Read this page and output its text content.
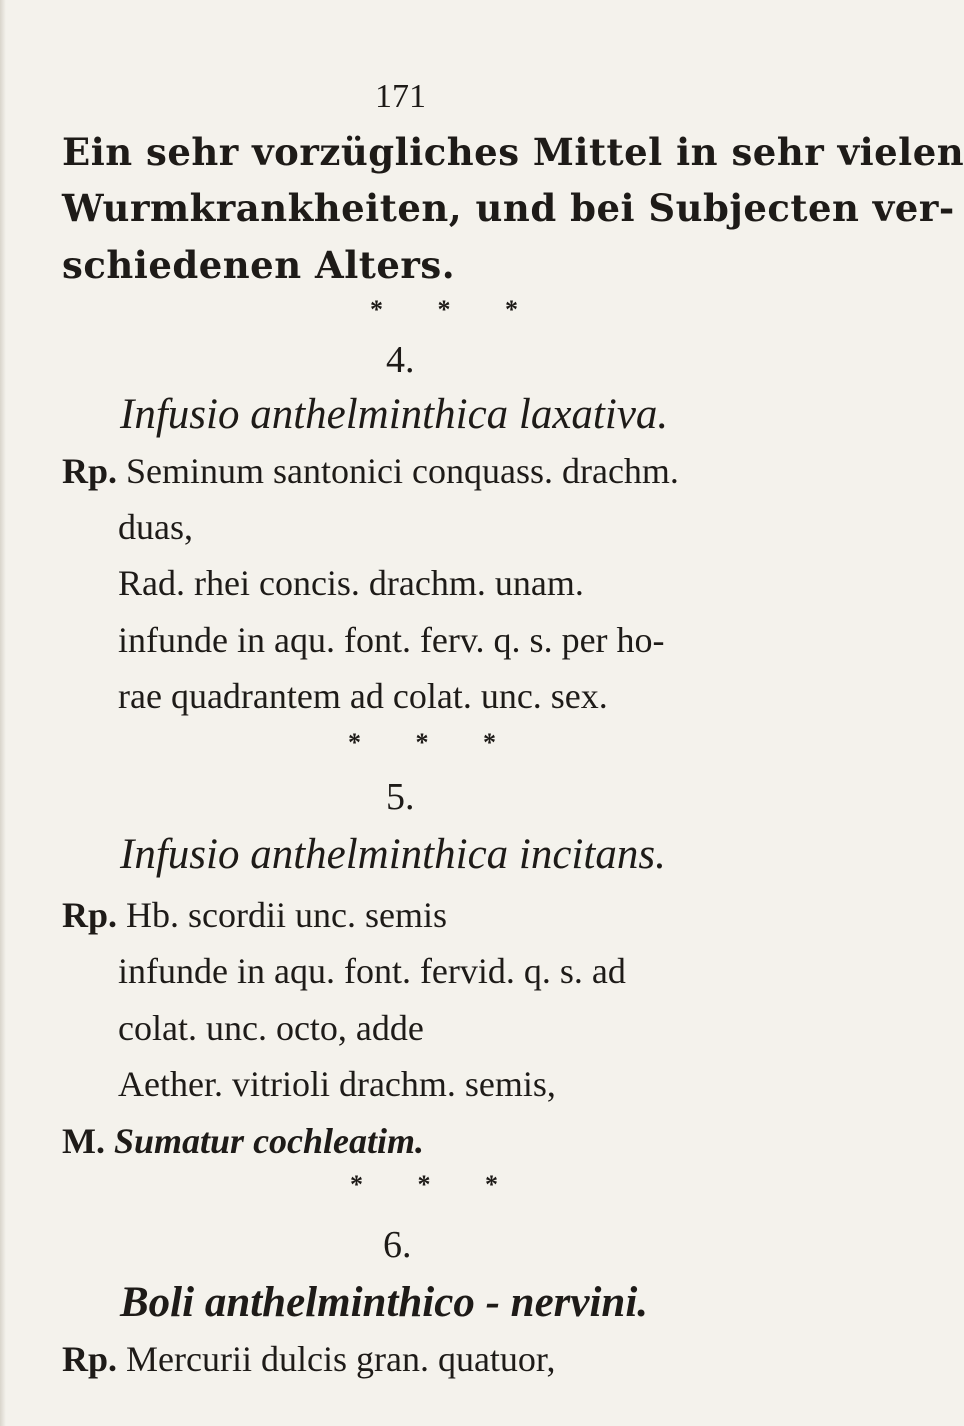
171
Ein sehr vorzügliches Mittel in sehr vielen
Wurmkrankheiten, und bei Subjecten ver-
schiedenen Alters.
* * *
4.
Infusio anthelminthica laxativa.
Rp. Seminum santonici conquass. drachm.
duas,
Rad. rhei concis. drachm. unam.
infunde in aqu. font. ferv. q. s. per ho-
rae quadrantem ad colat. unc. sex.
* * *
5.
Infusio anthelminthica incitans.
Rp. Hb. scordii unc. semis
infunde in aqu. font. fervid. q. s. ad
colat. unc. octo, adde
Aether. vitrioli drachm. semis,
M. Sumatur cochleatim.
* * *
6.
Boli anthelminthico - nervini.
Rp. Mercurii dulcis gran. quatuor,
